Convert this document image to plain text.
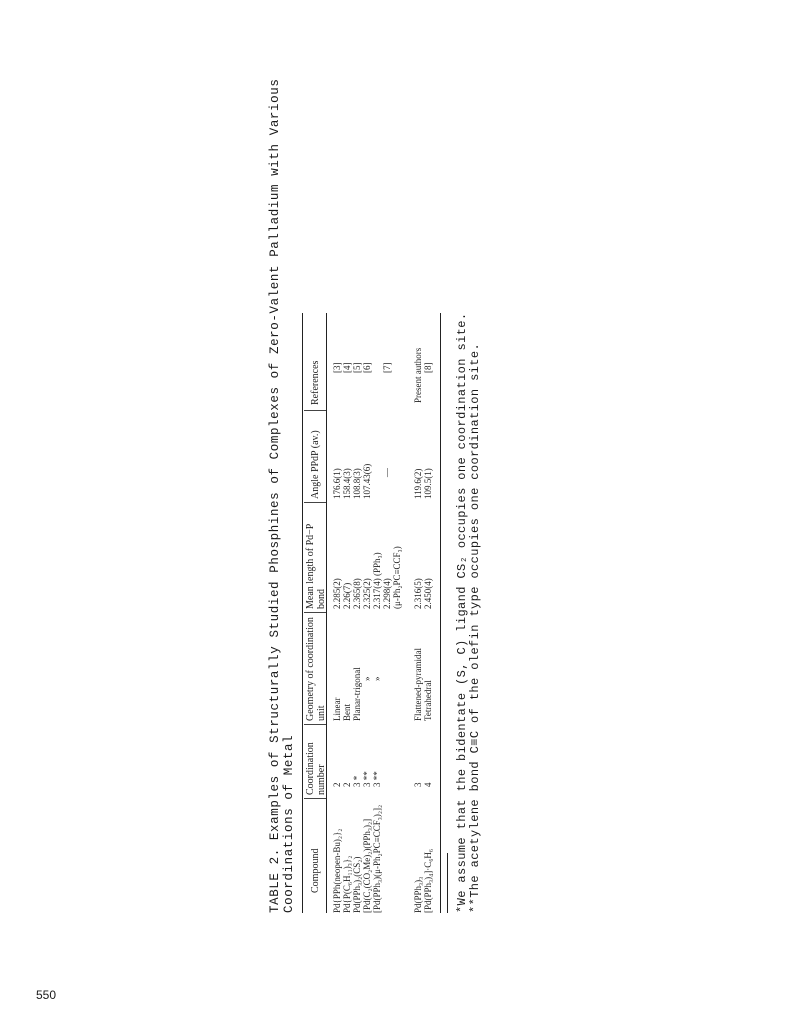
TABLE 2. Examples of Structurally Studied Phosphines of Complexes of Zero-Valent Palladium with Various Coordinations of Metal Compound
Coordination number
Geometry of coordination unit
Mean length of Pd−P bond
Angle PPdP (av.)
References
Pd{PPh(neopen-Bu)₂}₂ Pd{P(C₆H₁₁)₃}₂ Pd(PPh₃)₂(CS₂) [Pd(C₂(CO₂Me)₂)(PPh₃)₂] [Pd(PPh₃)(μ-Ph₂PC≡CCF₃)₂]₂
2 2 3 * 3 ** 3 **
Linear Bent Planar-trigonal » »
2.285(2) 2.26(7) 2.365(8) 2.325(2) 2.317(4) (PPh₃) 2.298(4) (μ-Ph₂PC≡CCF₃)
176.6(1) 158.4(3) 108.8(3) 107.43(6) —
[3] [4] [5] [6] [7]
Pd(PPh₃)₃ [Pd(PPh₃)₄]·C₆H₆
3 4
Flattened-pyramidal Tetrahedral
2.316(5) 2.450(4)
119.6(2) 109.5(1)
Present authors [8] *We assume that the bidentate (S, C) ligand CS₂ occupies one coordination site. **The acetylene bond C≡C of the olefin type occupies one coordination site.
550
